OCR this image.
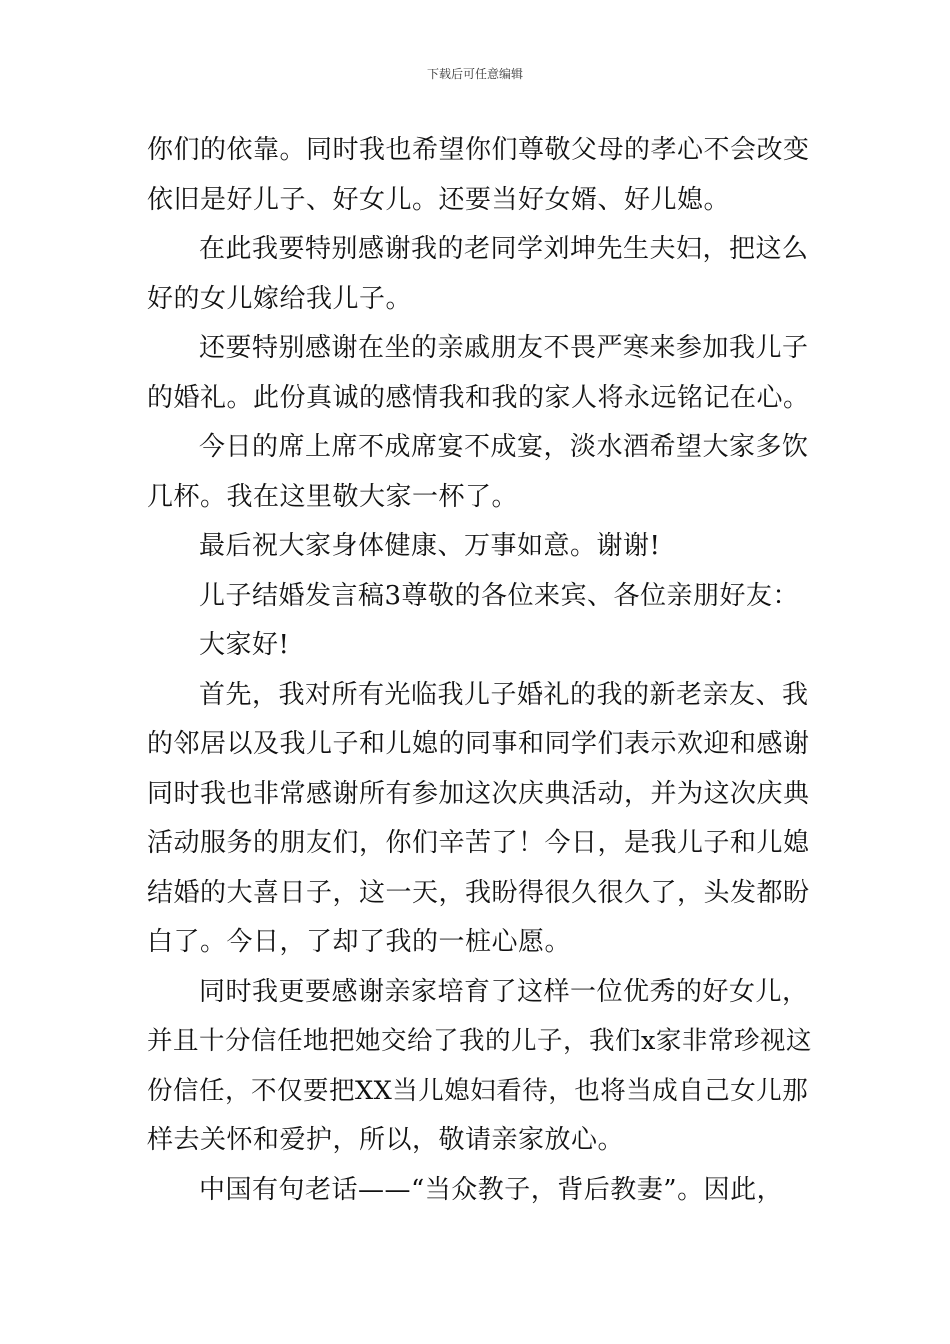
下载后可任意编辑
你们的依靠。同时我也希望你们尊敬父母的孝心不会改变
依旧是好儿子、好女儿。还要当好女婿、好儿媳。
在此我要特别感谢我的老同学刘坤先生夫妇，把这么
好的女儿嫁给我儿子。
还要特别感谢在坐的亲戚朋友不畏严寒来参加我儿子
的婚礼。此份真诚的感情我和我的家人将永远铭记在心。
今日的席上席不成席宴不成宴，淡水酒希望大家多饮
几杯。我在这里敬大家一杯了。
最后祝大家身体健康、万事如意。谢谢!
儿子结婚发言稿3尊敬的各位来宾、各位亲朋好友：
大家好!
首先，我对所有光临我儿子婚礼的我的新老亲友、我
的邻居以及我儿子和儿媳的同事和同学们表示欢迎和感谢
同时我也非常感谢所有参加这次庆典活动，并为这次庆典
活动服务的朋友们，你们辛苦了！今日，是我儿子和儿媳
结婚的大喜日子，这一天，我盼得很久很久了，头发都盼
白了。今日，了却了我的一桩心愿。
同时我更要感谢亲家培育了这样一位优秀的好女儿，
并且十分信任地把她交给了我的儿子，我们x家非常珍视这
份信任，不仅要把XX当儿媳妇看待，也将当成自己女儿那
样去关怀和爱护，所以，敬请亲家放心。
中国有句老话——“当众教子，背后教妻”。因此，
